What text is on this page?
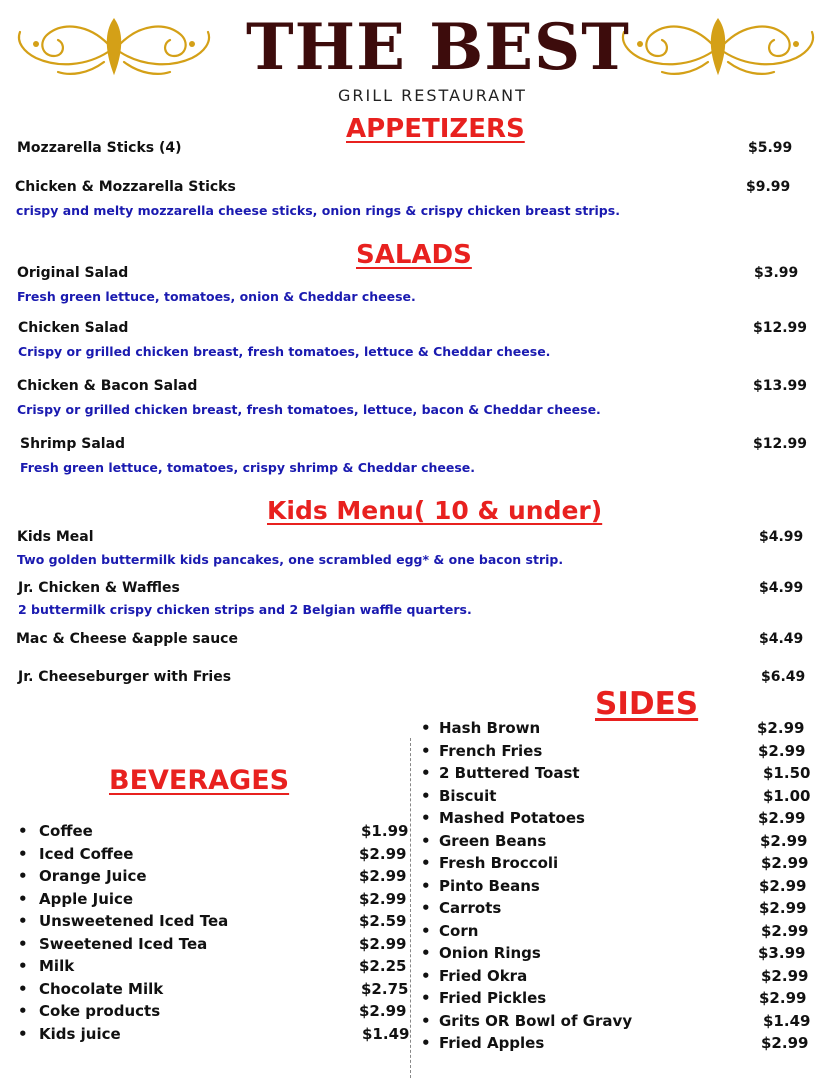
THE BEST
GRILL RESTAURANT
APPETIZERS
Mozzarella Sticks (4)	$5.99
Chicken & Mozzarella Sticks	$9.99
crispy and melty mozzarella cheese sticks, onion rings & crispy chicken breast strips.
SALADS
Original Salad	$3.99
Fresh green lettuce, tomatoes, onion & Cheddar cheese.
Chicken Salad	$12.99
Crispy or grilled chicken breast, fresh tomatoes, lettuce & Cheddar cheese.
Chicken & Bacon Salad	$13.99
Crispy or grilled chicken breast, fresh tomatoes, lettuce, bacon & Cheddar cheese.
Shrimp Salad	$12.99
Fresh green lettuce, tomatoes, crispy shrimp & Cheddar cheese.
Kids Menu( 10 & under)
Kids Meal	$4.99
Two golden buttermilk kids pancakes, one scrambled egg* & one bacon strip.
Jr. Chicken & Waffles	$4.99
2 buttermilk crispy chicken strips and 2 Belgian waffle quarters.
Mac & Cheese &apple sauce	$4.49
Jr. Cheeseburger with Fries	$6.49
BEVERAGES
• Coffee	$1.99
• Iced Coffee	$2.99
• Orange Juice	$2.99
• Apple Juice	$2.99
• Unsweetened Iced Tea	$2.59
• Sweetened Iced Tea	$2.99
• Milk	$2.25
• Chocolate Milk	$2.75
• Coke products	$2.99
• Kids juice	$1.49
SIDES
• Hash Brown	$2.99
• French Fries	$2.99
• 2 Buttered Toast	$1.50
• Biscuit	$1.00
• Mashed Potatoes	$2.99
• Green Beans	$2.99
• Fresh Broccoli	$2.99
• Pinto Beans	$2.99
• Carrots	$2.99
• Corn	$2.99
• Onion Rings	$3.99
• Fried Okra	$2.99
• Fried Pickles	$2.99
• Grits OR Bowl of Gravy	$1.49
• Fried Apples	$2.99
